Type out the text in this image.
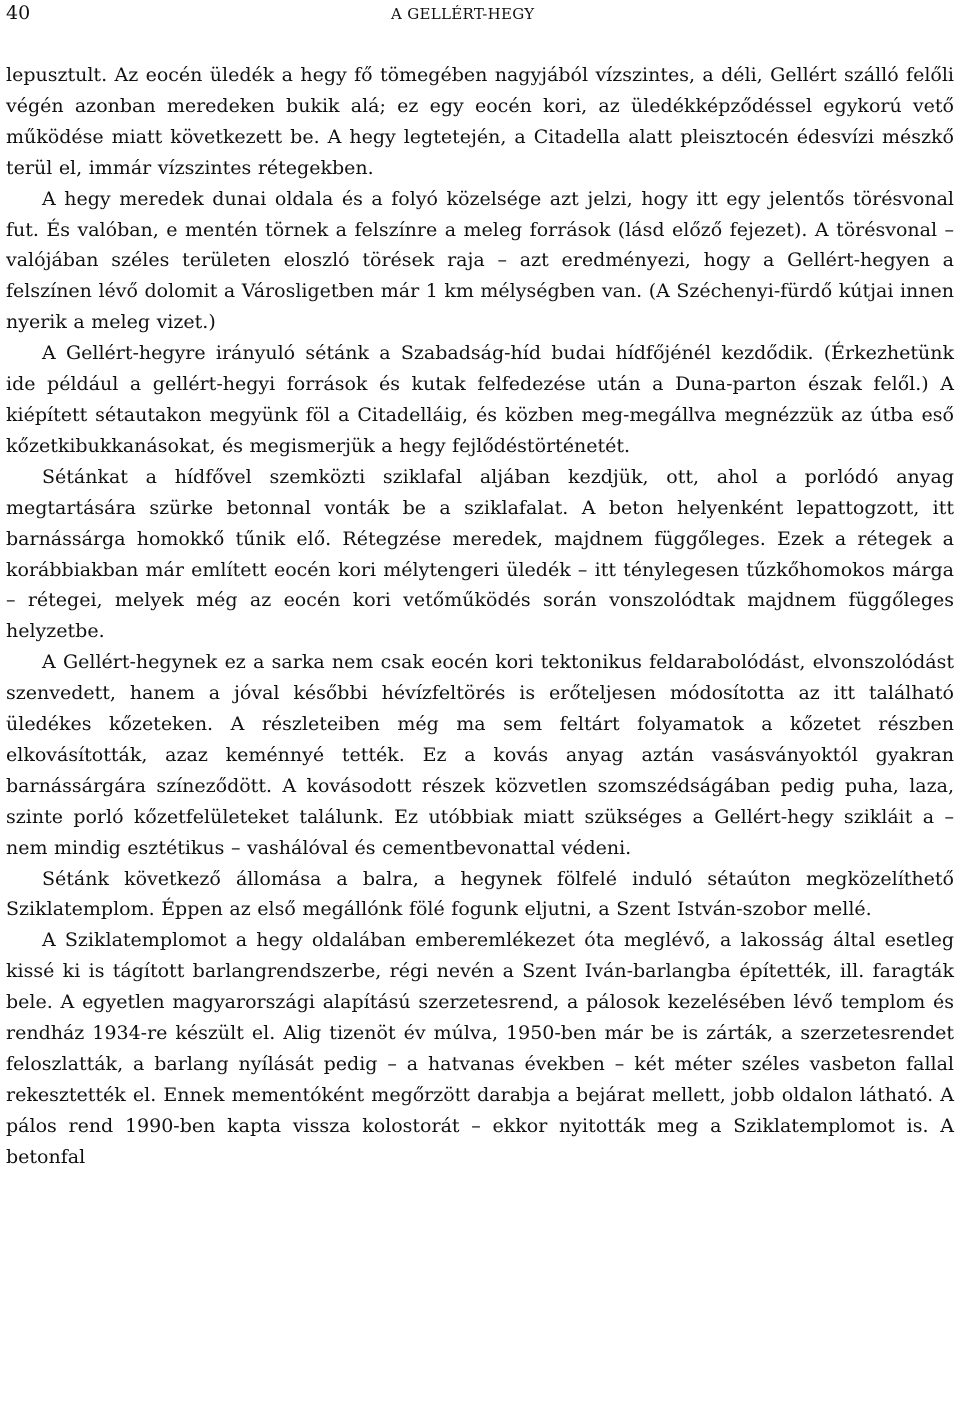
40	A GELLÉRT-HEGY

lepusztult. Az eocén üledék a hegy fő tömegében nagyjából vízszintes, a déli, Gellért szálló felőli végén azonban meredeken bukik alá; ez egy eocén kori, az üledékképződéssel egykorú vető működése miatt következett be. A hegy legtetején, a Citadella alatt pleisztocén édesvízi mészkő terül el, immár vízszintes rétegekben.

A hegy meredek dunai oldala és a folyó közelsége azt jelzi, hogy itt egy jelentős törésvonal fut. És valóban, e mentén törnek a felszínre a meleg források (lásd előző fejezet). A törésvonal – valójában széles területen eloszló törések raja – azt eredményezi, hogy a Gellért-hegyen a felszínen lévő dolomit a Városligetben már 1 km mélységben van. (A Széchenyi-fürdő kútjai innen nyerik a meleg vizet.)

A Gellért-hegyre irányuló sétánk a Szabadság-híd budai hídfőjénél kezdődik. (Érkezhetünk ide például a gellért-hegyi források és kutak felfedezése után a Duna-parton észak felől.) A kiépített sétautakon megyünk föl a Citadelláig, és közben meg-megállva megnézzük az útba eső kőzetkibukkanásokat, és megismerjük a hegy fejlődéstörténetét.

Sétánkat a hídfővel szemközti sziklafal aljában kezdjük, ott, ahol a porlódó anyag megtartására szürke betonnal vonták be a sziklafalat. A beton helyenként lepattogzott, itt barnássárga homokkő tűnik elő. Rétegzése meredek, majdnem függőleges. Ezek a rétegek a korábbiakban már említett eocén kori mélytengeri üledék – itt ténylegesen tűzkőhomokos márga – rétegei, melyek még az eocén kori vetőműködés során vonszolódtak majdnem függőleges helyzetbe.

A Gellért-hegynek ez a sarka nem csak eocén kori tektonikus feldarabolódást, elvonszolódást szenvedett, hanem a jóval későbbi hévízfeltörés is erőteljesen módosította az itt található üledékes kőzeteken. A részleteiben még ma sem feltárt folyamatok a kőzetet részben elkovásították, azaz keménnyé tették. Ez a kovás anyag aztán vasásványoktól gyakran barnássárgára színeződött. A kovásodott részek közvetlen szomszédságában pedig puha, laza, szinte porló kőzetfelületeket találunk. Ez utóbbiak miatt szükséges a Gellért-hegy szikláit a – nem mindig esztétikus – vashálóval és cementbevonattal védeni.

Sétánk következő állomása a balra, a hegynek fölfelé induló sétaúton megközelíthető Sziklatemplom. Éppen az első megállónk fölé fogunk eljutni, a Szent István-szobor mellé.

A Sziklatemplomot a hegy oldalában emberemlékezet óta meglévő, a lakosság által esetleg kissé ki is tágított barlangrendszerbe, régi nevén a Szent Iván-barlangba építették, ill. faragták bele. A egyetlen magyarországi alapítású szerzetesrend, a pálosok kezelésében lévő templom és rendház 1934-re készült el. Alig tizenöt év múlva, 1950-ben már be is zárták, a szerzetesrendet feloszlatták, a barlang nyílását pedig – a hatvanas években – két méter széles vasbeton fallal rekesztették el. Ennek mementóként megőrzött darabja a bejárat mellett, jobb oldalon látható. A pálos rend 1990-ben kapta vissza kolostorát – ekkor nyitották meg a Sziklatemplomot is. A betonfal
